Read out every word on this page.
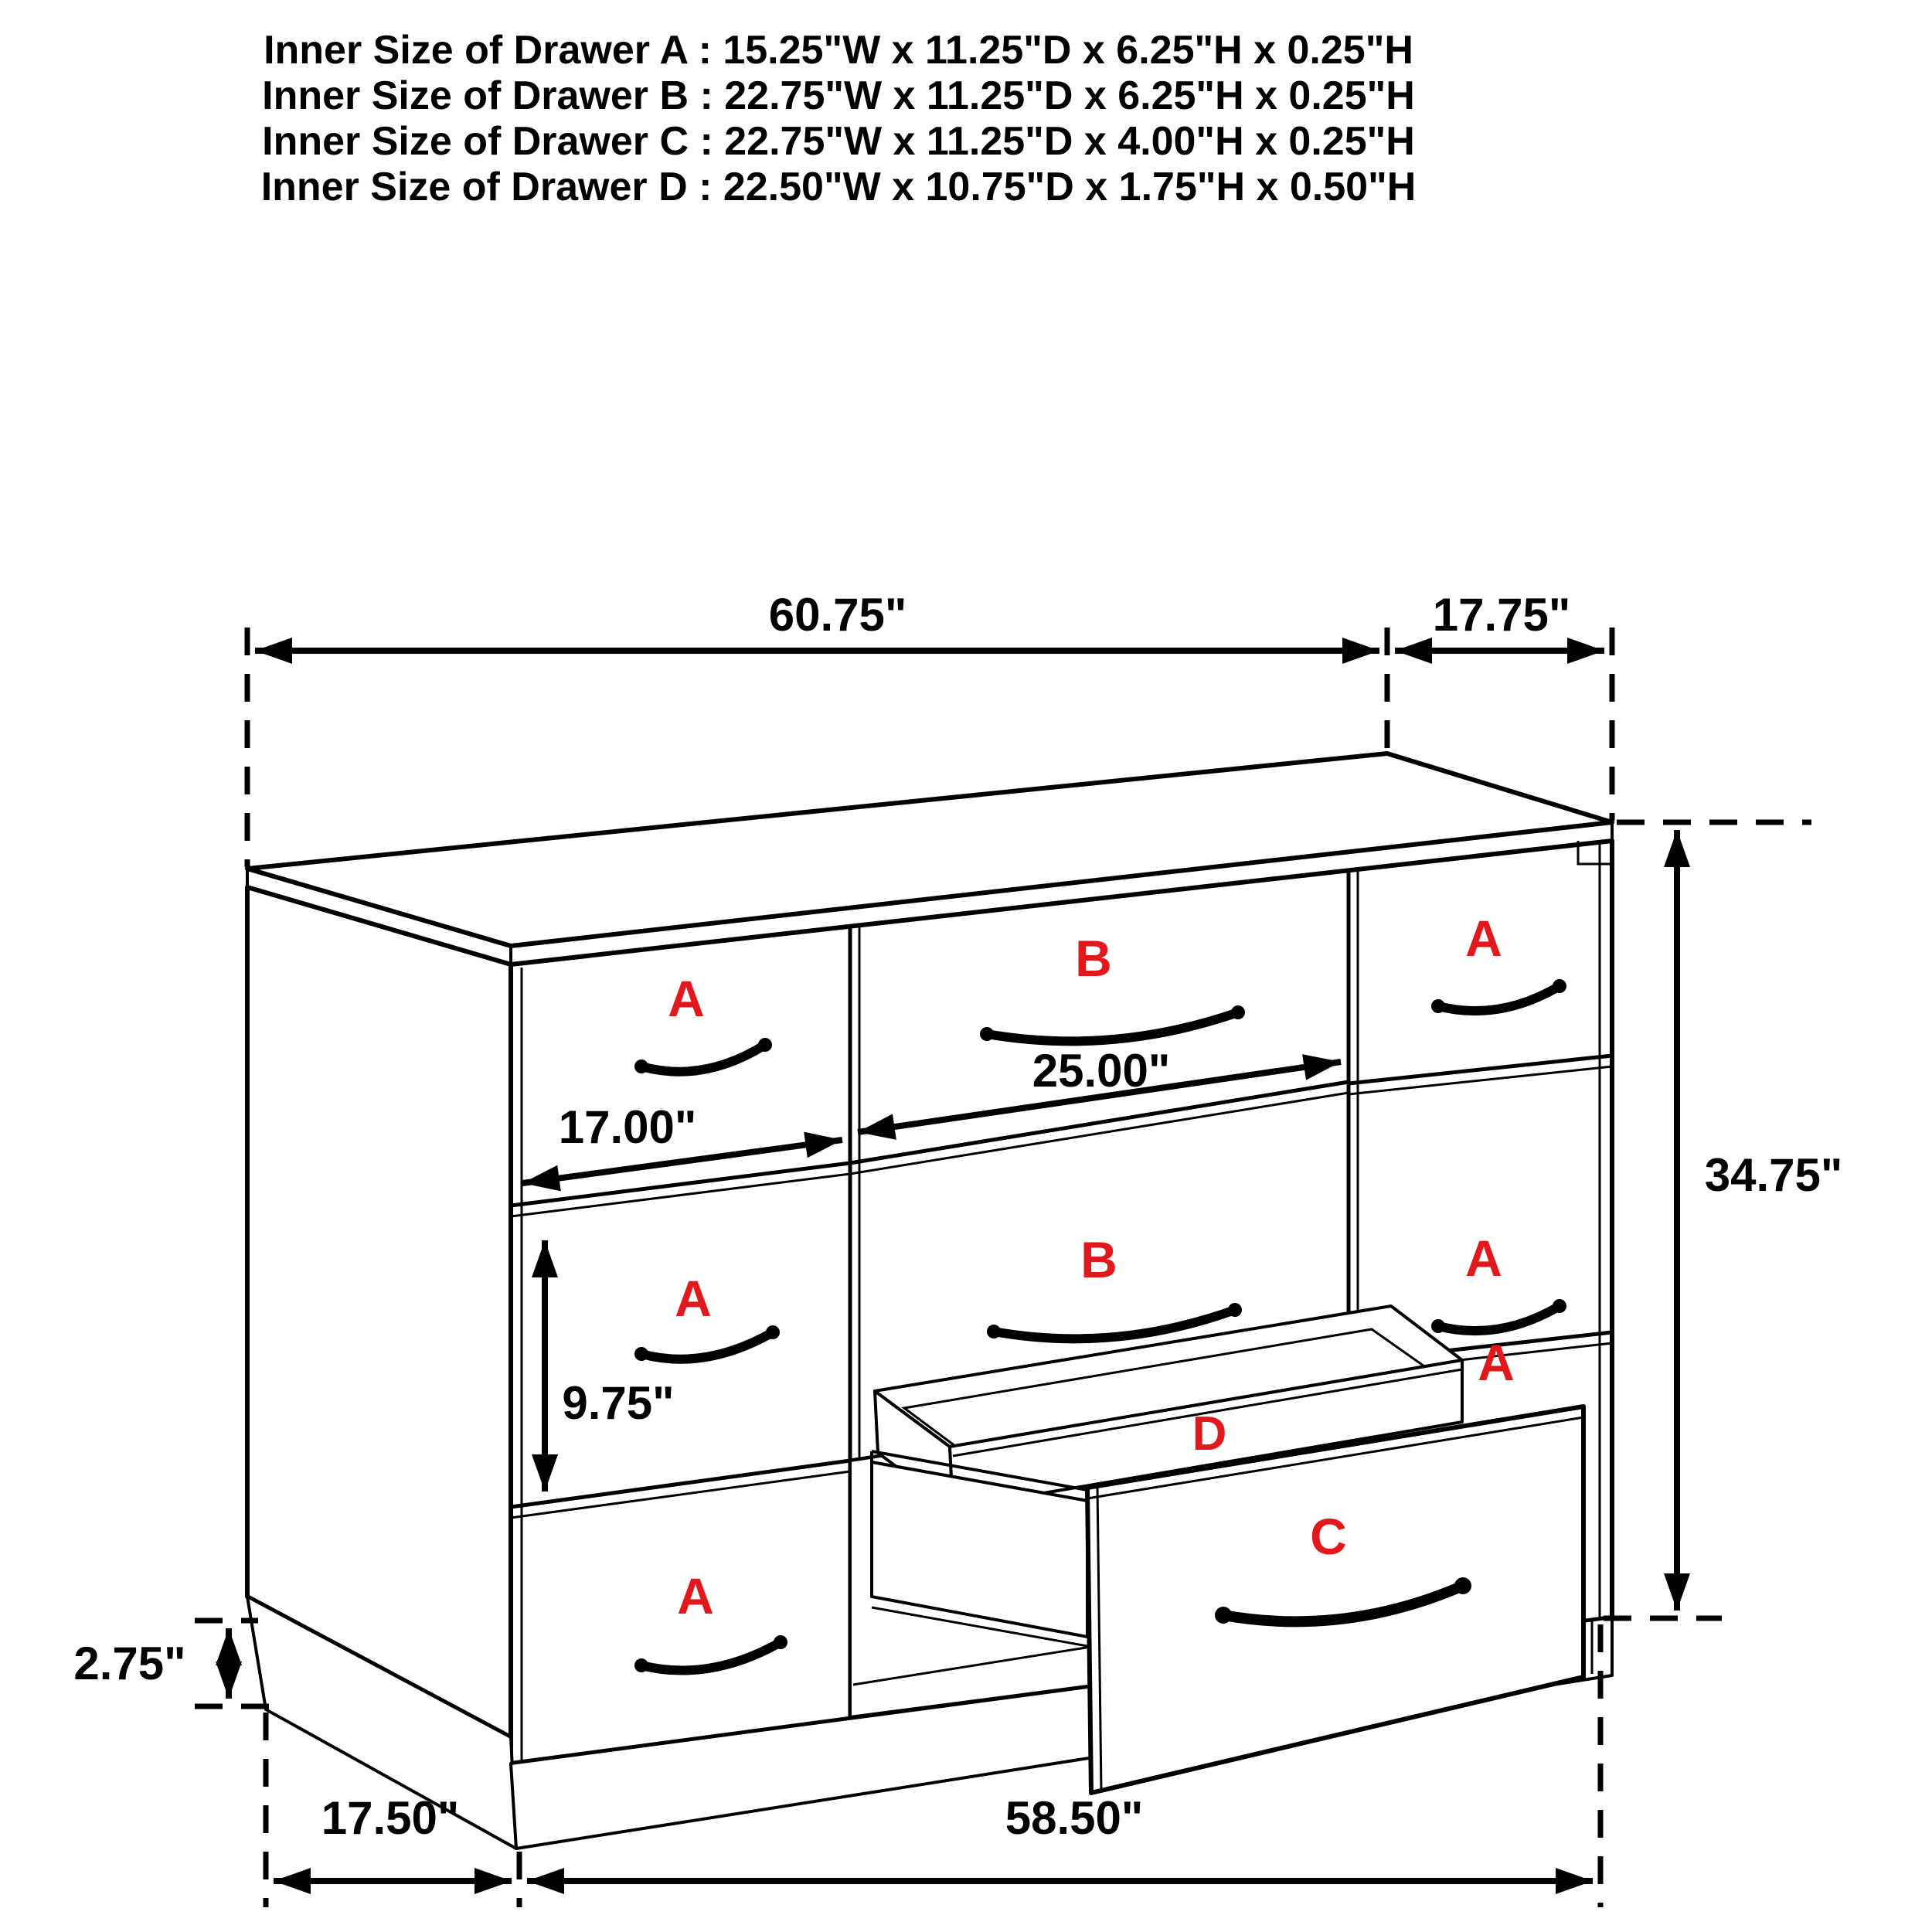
Inner Size of Drawer A : 15.25"W x 11.25"D x 6.25"H x 0.25"H
Inner Size of Drawer B : 22.75"W x 11.25"D x 6.25"H x 0.25"H
Inner Size of Drawer C : 22.75"W x 11.25"D x 4.00"H x 0.25"H
Inner Size of Drawer D : 22.50"W x 10.75"D x 1.75"H x 0.50"H
A
A
A
B
B
A
A
A
D
C
60.75"	17.75"
34.75"
17.00"
25.00"
9.75"
2.75"
17.50"	58.50"
